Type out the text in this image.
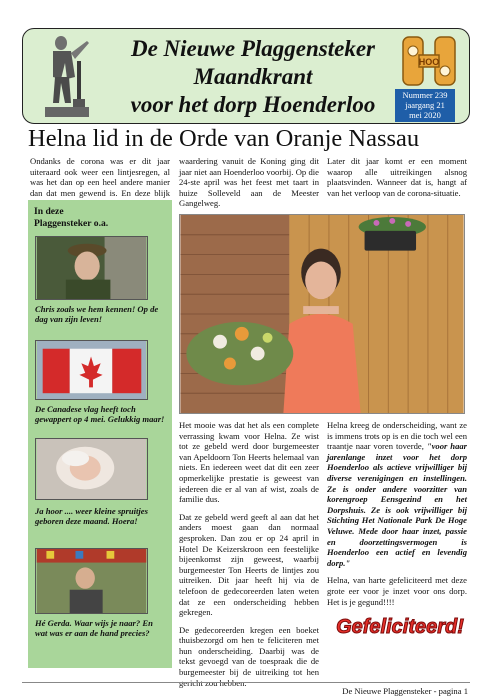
De Nieuwe Plaggensteker
Maandkrant
voor het dorp Hoenderloo
HOO
Nummer 239
jaargang 21
mei 2020
Helna lid in de Orde van Oranje Nassau

Ondanks de corona was er dit jaar uiteraard ook weer een lintjesregen, al was het dan op een heel andere manier dan dat men gewend is. En deze blijk

waardering vanuit de Koning ging dit jaar niet aan Hoenderloo voorbij. Op die 24-ste april was het feest met taart in huize Solleveld aan de Meester Gangelweg.

Later dit jaar komt er een moment waarop alle uitreikingen alsnog plaatsvinden. Wanneer dat is, hangt af van het verloop van de corona-situatie.

In deze
Plaggensteker o.a.
Chris zoals we hem kennen! Op de dag van zijn leven!
De Canadese vlag heeft toch gewappert op 4 mei. Gelukkig maar!
Ja hoor .... weer kleine spruitjes geboren deze maand. Hoera!
Hé Gerda. Waar wijs je naar? En wat was er aan de hand precies?

Het mooie was dat het als een complete verrassing kwam voor Helna. Ze wist tot ze gebeld werd door burgemeester van Apeldoorn Ton Heerts helemaal van niets. En iedereen weet dat dit een zeer opmerkelijke prestatie is geweest van iedereen die er al van af wist, zoals de familie dus.

Dat ze gebeld werd geeft al aan dat het anders moest gaan dan normaal gesproken. Dan zou er op 24 april in Hotel De Keizerskroon een feestelijke bijeenkomst zijn geweest, waarbij burgemeester Ton Heerts de lintjes zou uitreiken. Dit jaar heeft hij via de telefoon de gedecoreerden laten weten dat ze een onderscheiding hebben gekregen.

De gedecoreerden kregen een boeket thuisbezorgd om hen te feliciteren met hun onderscheiding. Daarbij was de tekst gevoegd van de toespraak die de burgemeester bij de uitreiking tot hen gericht zou hebben.

Helna kreeg de onderscheiding, want ze is immens trots op is en die toch wel een traantje naar voren toverde, "voor haar jarenlange inzet voor het dorp Hoenderloo als actieve vrijwilliger bij diverse verenigingen en instellingen. Ze is onder andere voorzitter van korengroep Eensgezind en het Dorpshuis. Ze is ook vrijwilliger bij Stichting Het Nationale Park De Hoge Veluwe. Mede door haar inzet, passie en doorzettingsvermogen is Hoenderloo een actief en levendig dorp."

Helna, van harte gefeliciteerd met deze grote eer voor je inzet voor ons dorp. Het is je gegund!!!!

Gefeliciteerd!
De Nieuwe Plaggensteker - pagina 1
